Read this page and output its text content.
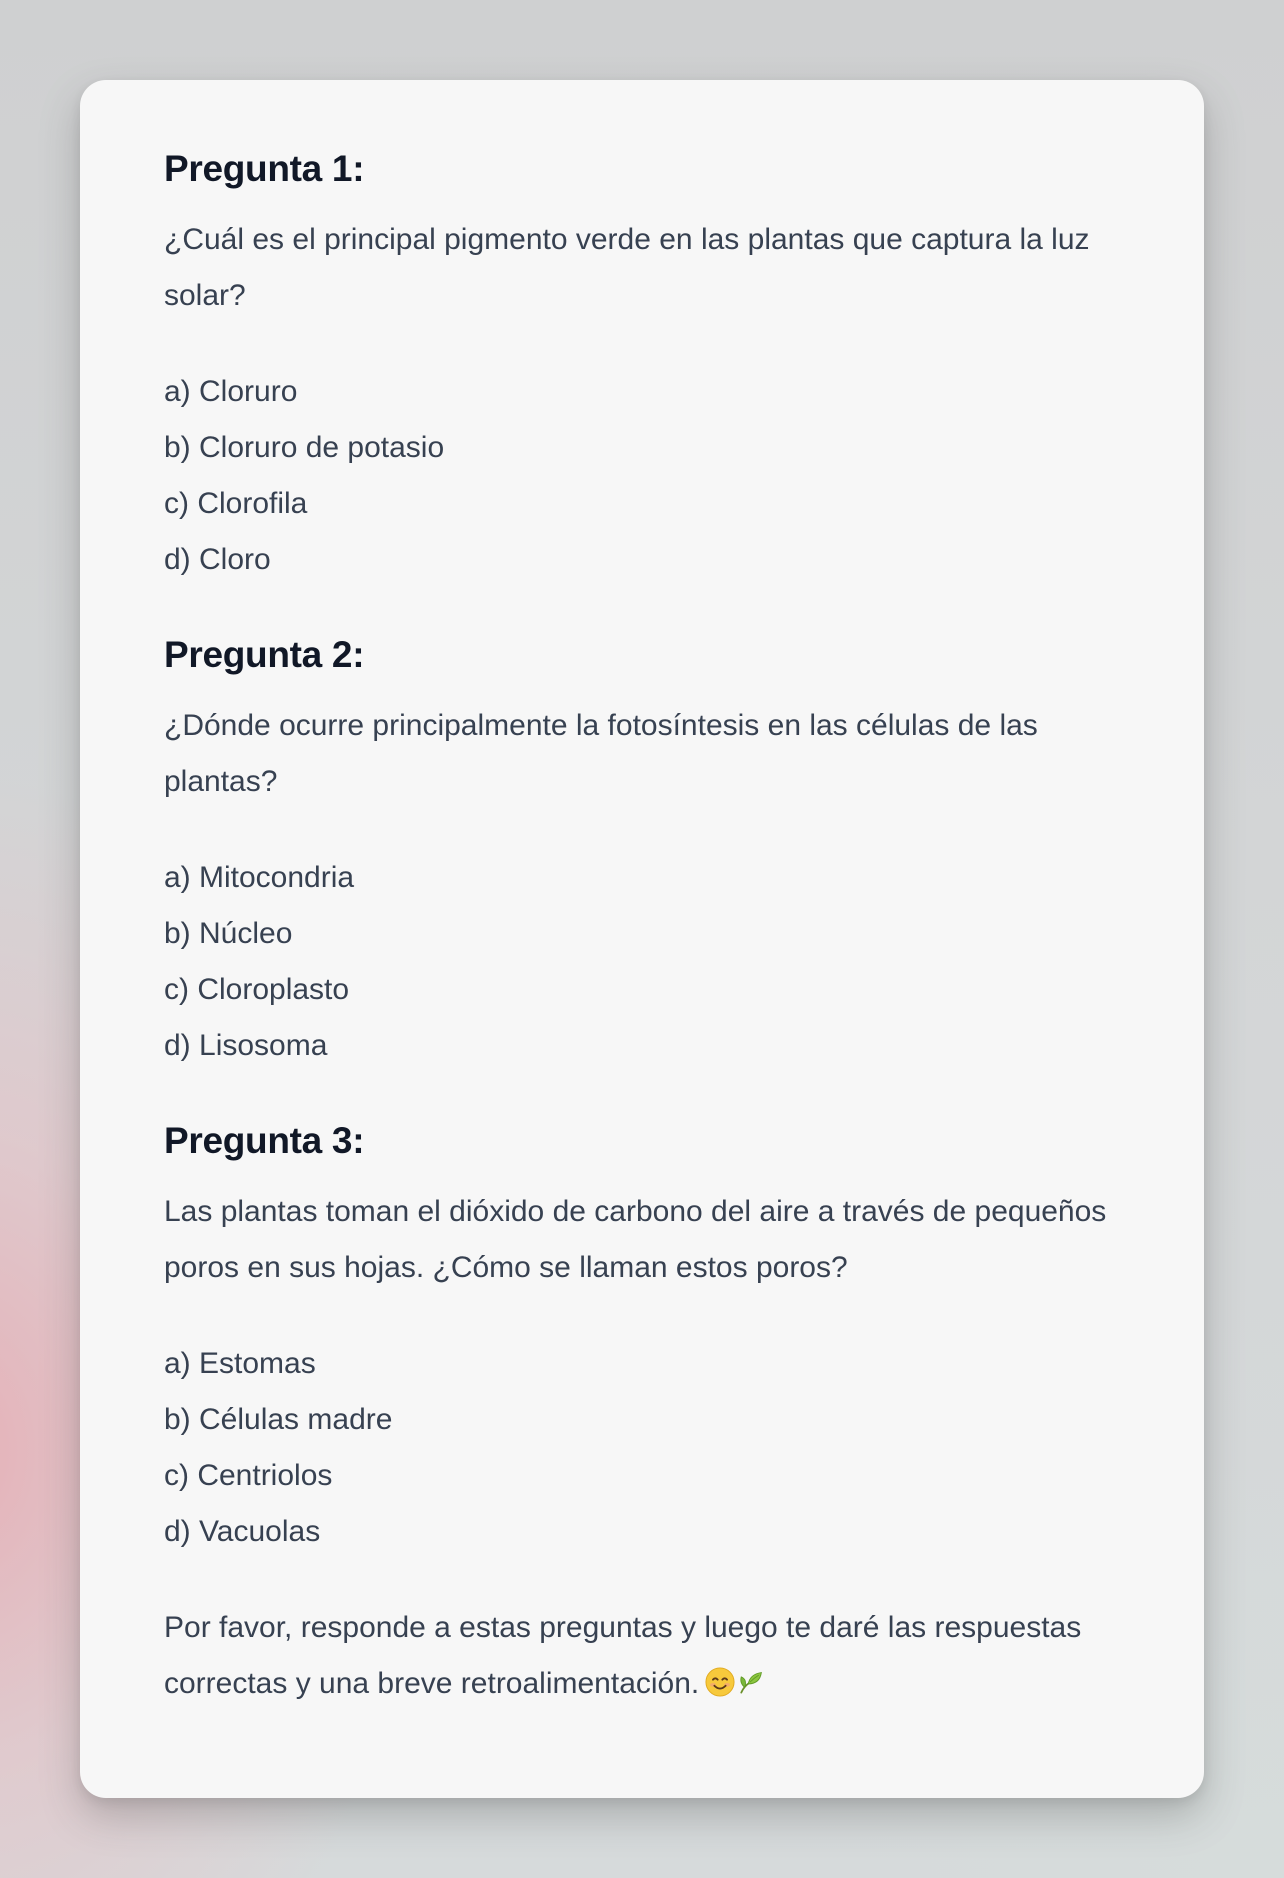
Pregunta 1:

¿Cuál es el principal pigmento verde en las plantas que captura la luz solar?

a) Cloruro
b) Cloruro de potasio
c) Clorofila
d) Cloro
Pregunta 2:

¿Dónde ocurre principalmente la fotosíntesis en las células de las plantas?

a) Mitocondria
b) Núcleo
c) Cloroplasto
d) Lisosoma
Pregunta 3:

Las plantas toman el dióxido de carbono del aire a través de pequeños poros en sus hojas. ¿Cómo se llaman estos poros?

a) Estomas
b) Células madre
c) Centriolos
d) Vacuolas

Por favor, responde a estas preguntas y luego te daré las respuestas correctas y una breve retroalimentación.
